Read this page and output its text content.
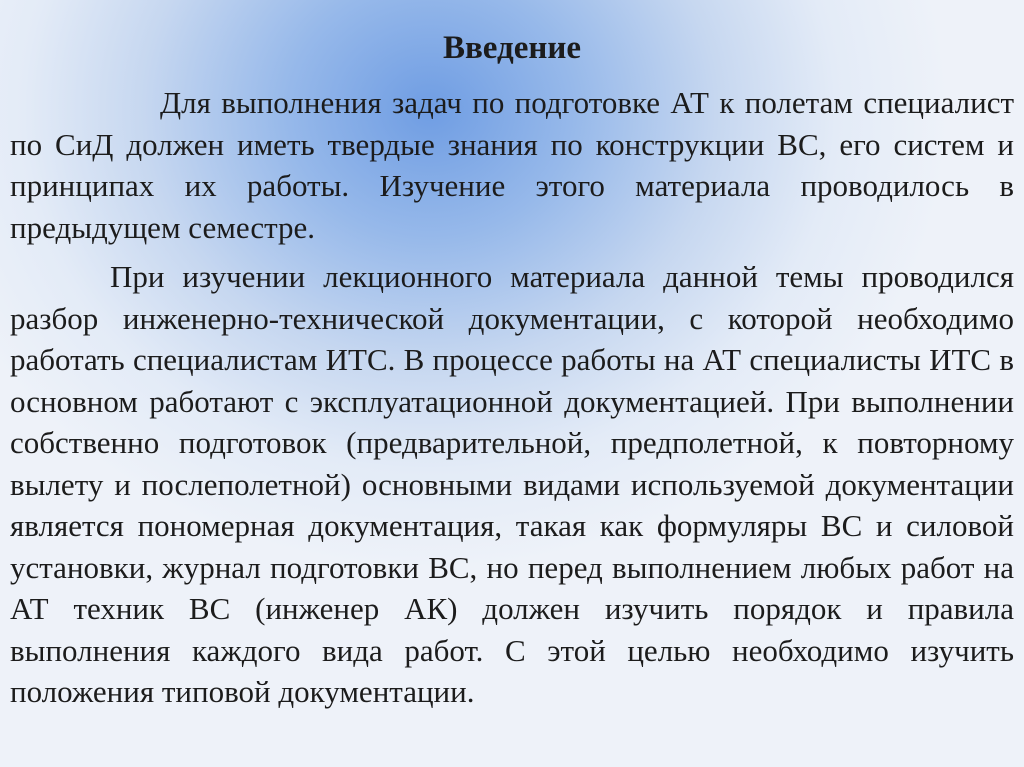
Введение

Для выполнения задач по подготовке АТ к полетам специалист по СиД должен иметь твердые знания по конструкции ВС, его систем и принципах их работы. Изучение этого материала проводилось в предыдущем семестре.

При изучении лекционного материала данной темы проводился разбор инженерно-технической документации, с которой необходимо работать специалистам ИТС. В процессе работы на АТ специалисты ИТС в основном работают с эксплуатационной документацией. При выполнении собственно подготовок (предварительной, предполетной, к повторному вылету и послеполетной) основными видами используемой документации является пономерная документация, такая как формуляры ВС и силовой установки, журнал подготовки ВС, но перед выполнением любых работ на АТ техник ВС (инженер АК) должен изучить порядок и правила выполнения каждого вида работ. С этой целью необходимо изучить положения типовой документации.
